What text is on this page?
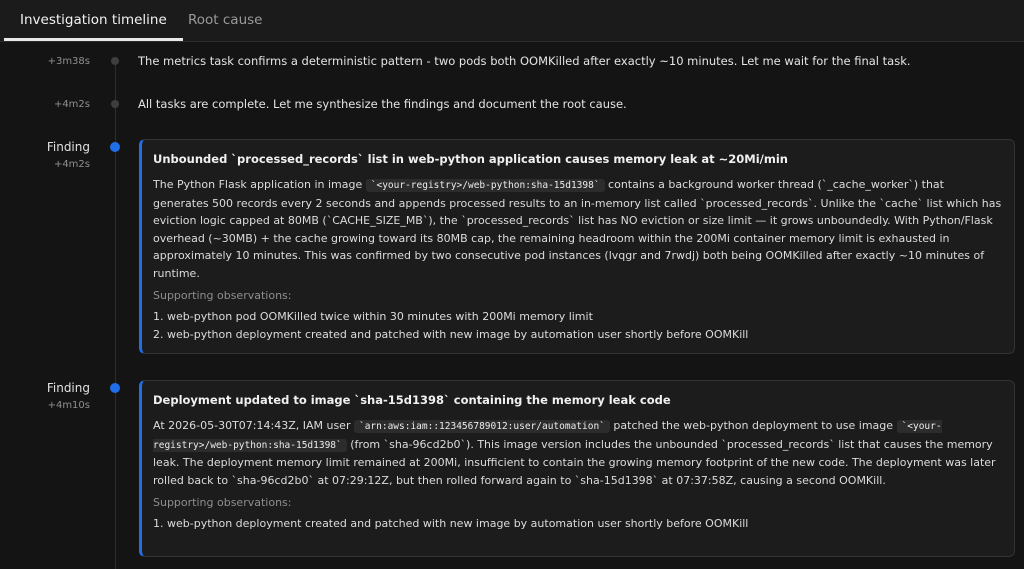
Investigation timeline	Root cause
+3m38s	The metrics task confirms a deterministic pattern - two pods both OOMKilled after exactly ~10 minutes. Let me wait for the final task.
+4m2s	All tasks are complete. Let me synthesize the findings and document the root cause.
Finding
+4m2s	Unbounded `processed_records` list in web-python application causes memory leak at ~20Mi/min
The Python Flask application in image `<your-registry>/web-python:sha-15d1398` contains a background worker thread (`_cache_worker`) that generates 500 records every 2 seconds and appends processed results to an in-memory list called `processed_records`. Unlike the `cache` list which has eviction logic capped at 80MB (`CACHE_SIZE_MB`), the `processed_records` list has NO eviction or size limit — it grows unboundedly. With Python/Flask overhead (~30MB) + the cache growing toward its 80MB cap, the remaining headroom within the 200Mi container memory limit is exhausted in approximately 10 minutes. This was confirmed by two consecutive pod instances (lvqgr and 7rwdj) both being OOMKilled after exactly ~10 minutes of runtime.
Supporting observations:
1. web-python pod OOMKilled twice within 30 minutes with 200Mi memory limit
2. web-python deployment created and patched with new image by automation user shortly before OOMKill
Finding
+4m10s	Deployment updated to image `sha-15d1398` containing the memory leak code
At 2026-05-30T07:14:43Z, IAM user `arn:aws:iam::123456789012:user/automation` patched the web-python deployment to use image `<your-registry>/web-python:sha-15d1398` (from `sha-96cd2b0`). This image version includes the unbounded `processed_records` list that causes the memory leak. The deployment memory limit remained at 200Mi, insufficient to contain the growing memory footprint of the new code. The deployment was later rolled back to `sha-96cd2b0` at 07:29:12Z, but then rolled forward again to `sha-15d1398` at 07:37:58Z, causing a second OOMKill.
Supporting observations:
1. web-python deployment created and patched with new image by automation user shortly before OOMKill
